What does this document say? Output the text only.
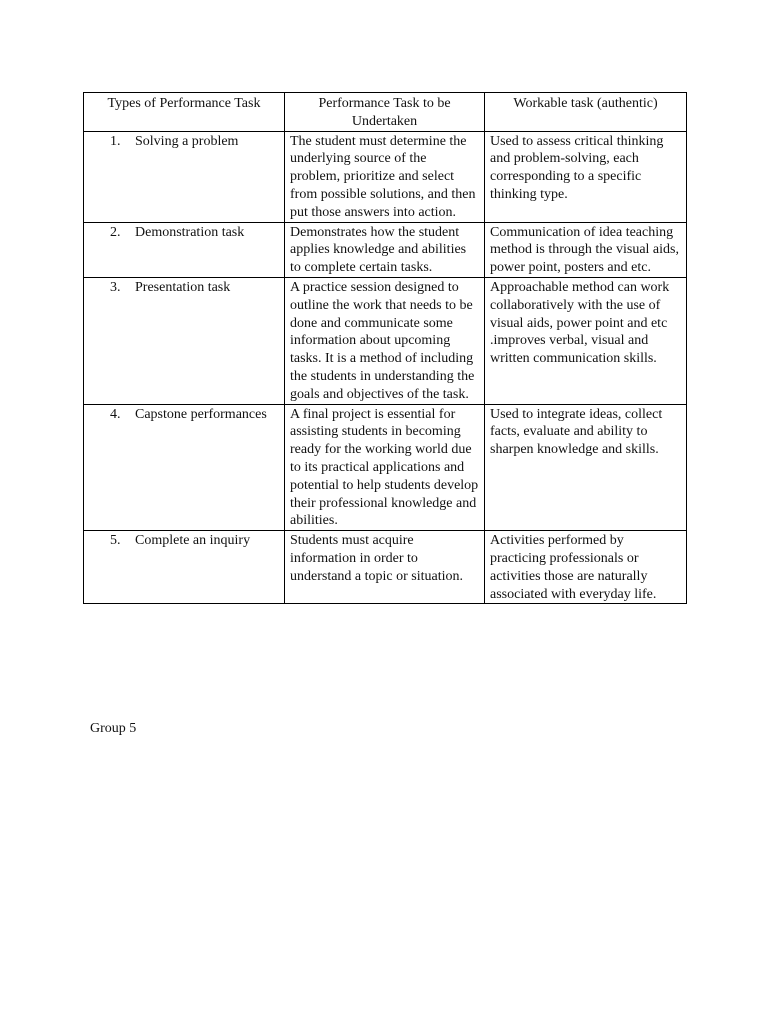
Types of Performance Task	Performance Task to be Undertaken	Workable task (authentic)

1. Solving a problem	The student must determine the underlying source of the problem, prioritize and select from possible solutions, and then put those answers into action.	Used to assess critical thinking and problem-solving, each corresponding to a specific thinking type.

2. Demonstration task	Demonstrates how the student applies knowledge and abilities to complete certain tasks.	Communication of idea teaching method is through the visual aids, power point, posters and etc.

3. Presentation task	A practice session designed to outline the work that needs to be done and communicate some information about upcoming tasks. It is a method of including the students in understanding the goals and objectives of the task.	Approachable method can work collaboratively with the use of visual aids, power point and etc .improves verbal, visual and written communication skills.

4. Capstone performances	A final project is essential for assisting students in becoming ready for the working world due to its practical applications and potential to help students develop their professional knowledge and abilities.	Used to integrate ideas, collect facts, evaluate and ability to sharpen knowledge and skills.

5. Complete an inquiry	Students must acquire information in order to understand a topic or situation.	Activities performed by practicing professionals or activities those are naturally associated with everyday life.
Group 5
